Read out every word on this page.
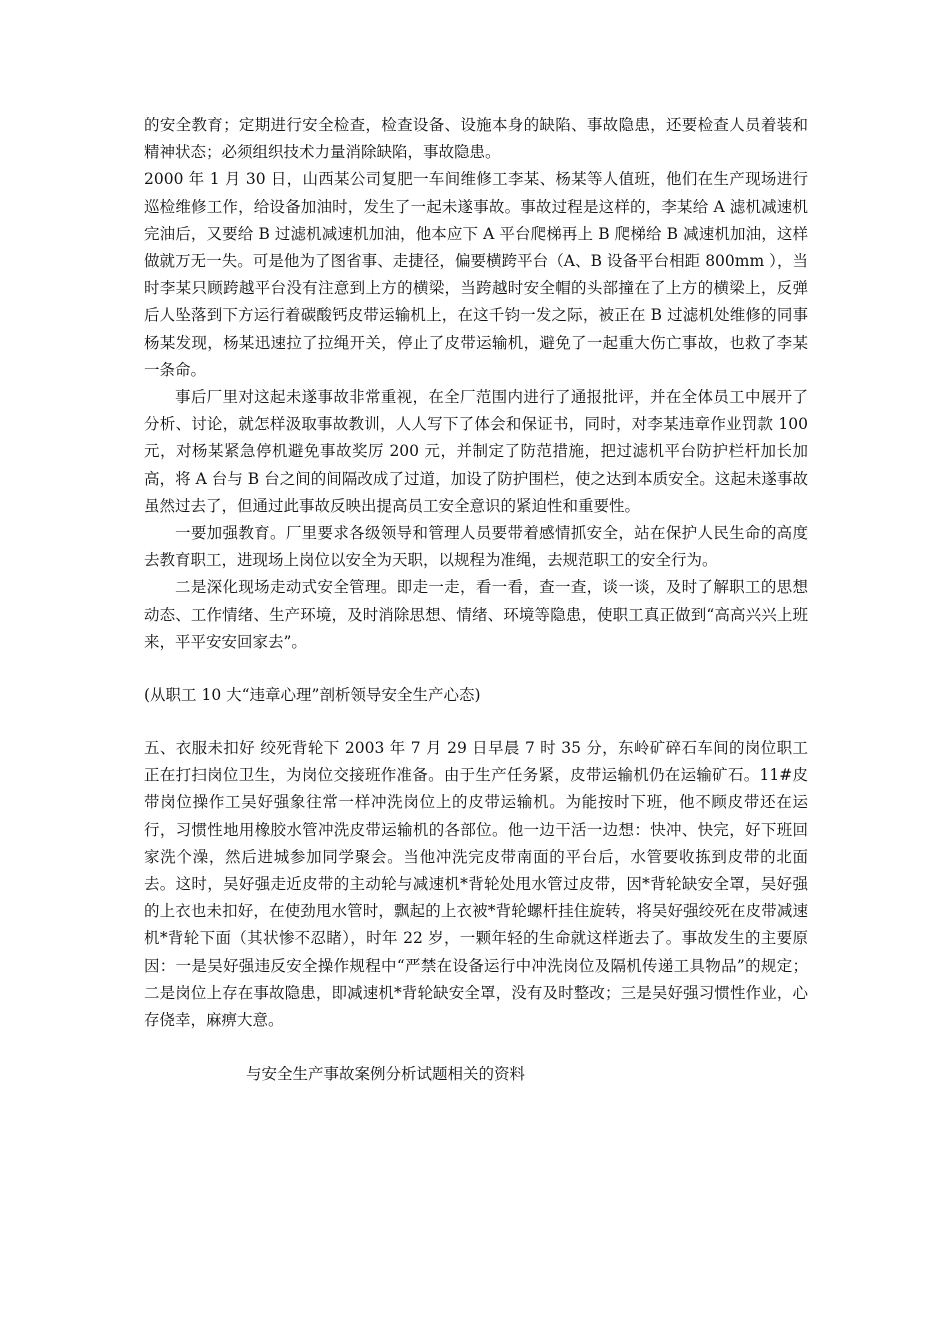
的安全教育；定期进行安全检查，检查设备、设施本身的缺陷、事故隐患，还要检查人员着装和精神状态；必须组织技术力量消除缺陷，事故隐患。

2000 年 1 月 30 日，山西某公司复肥一车间维修工李某、杨某等人值班，他们在生产现场进行巡检维修工作，给设备加油时，发生了一起未遂事故。事故过程是这样的，李某给 A 滤机减速机完油后，又要给 B 过滤机减速机加油，他本应下 A 平台爬梯再上 B 爬梯给 B 减速机加油，这样做就万无一失。可是他为了图省事、走捷径，偏要横跨平台（A、B 设备平台相距 800mm ），当时李某只顾跨越平台没有注意到上方的横梁，当跨越时安全帽的头部撞在了上方的横梁上，反弹后人坠落到下方运行着碳酸钙皮带运输机上，在这千钧一发之际，被正在 B 过滤机处维修的同事杨某发现，杨某迅速拉了拉绳开关，停止了皮带运输机，避免了一起重大伤亡事故，也救了李某一条命。

事后厂里对这起未遂事故非常重视，在全厂范围内进行了通报批评，并在全体员工中展开了分析、讨论，就怎样汲取事故教训，人人写下了体会和保证书，同时，对李某违章作业罚款 100 元，对杨某紧急停机避免事故奖厉 200 元，并制定了防范措施，把过滤机平台防护栏杆加长加高，将 A 台与 B 台之间的间隔改成了过道，加设了防护围栏，使之达到本质安全。这起未遂事故虽然过去了，但通过此事故反映出提高员工安全意识的紧迫性和重要性。

一要加强教育。厂里要求各级领导和管理人员要带着感情抓安全，站在保护人民生命的高度去教育职工，进现场上岗位以安全为天职，以规程为准绳，去规范职工的安全行为。

二是深化现场走动式安全管理。即走一走，看一看，查一查，谈一谈，及时了解职工的思想动态、工作情绪、生产环境，及时消除思想、情绪、环境等隐患，使职工真正做到“高高兴兴上班来，平平安安回家去”。

(从职工 10 大“违章心理”剖析领导安全生产心态)

五、衣服未扣好 绞死背轮下 2003 年 7 月 29 日早晨 7 时 35 分，东岭矿碎石车间的岗位职工正在打扫岗位卫生，为岗位交接班作准备。由于生产任务紧，皮带运输机仍在运输矿石。11#皮带岗位操作工吴好强象往常一样冲洗岗位上的皮带运输机。为能按时下班，他不顾皮带还在运行，习惯性地用橡胶水管冲洗皮带运输机的各部位。他一边干活一边想：快冲、快完，好下班回家洗个澡，然后进城参加同学聚会。当他冲洗完皮带南面的平台后，水管要收拣到皮带的北面去。这时，吴好强走近皮带的主动轮与减速机*背轮处甩水管过皮带，因*背轮缺安全罩，吴好强的上衣也未扣好，在使劲甩水管时，飘起的上衣被*背轮螺杆挂住旋转，将吴好强绞死在皮带减速机*背轮下面（其状惨不忍睹），时年 22 岁，一颗年轻的生命就这样逝去了。事故发生的主要原因：一是吴好强违反安全操作规程中“严禁在设备运行中冲洗岗位及隔机传递工具物品”的规定；二是岗位上存在事故隐患，即减速机*背轮缺安全罩，没有及时整改；三是吴好强习惯性作业，心存侥幸，麻痹大意。

与安全生产事故案例分析试题相关的资料
